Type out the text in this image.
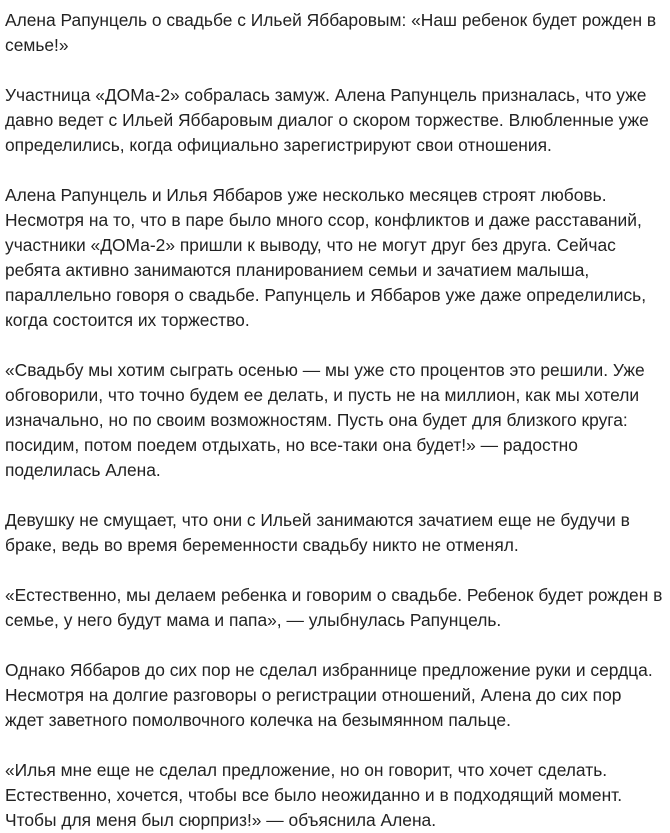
Алена Рапунцель о свадьбе с Ильей Яббаровым: «Наш ребенок будет рожден в семье!»

Участница «ДОМа-2» собралась замуж. Алена Рапунцель призналась, что уже давно ведет с Ильей Яббаровым диалог о скором торжестве. Влюбленные уже определились, когда официально зарегистрируют свои отношения.

Алена Рапунцель и Илья Яббаров уже несколько месяцев строят любовь. Несмотря на то, что в паре было много ссор, конфликтов и даже расставаний, участники «ДОМа-2» пришли к выводу, что не могут друг без друга. Сейчас ребята активно занимаются планированием семьи и зачатием малыша, параллельно говоря о свадьбе. Рапунцель и Яббаров уже даже определились, когда состоится их торжество.

«Свадьбу мы хотим сыграть осенью — мы уже сто процентов это решили. Уже обговорили, что точно будем ее делать, и пусть не на миллион, как мы хотели изначально, но по своим возможностям. Пусть она будет для близкого круга: посидим, потом поедем отдыхать, но все-таки она будет!» — радостно поделилась Алена.

Девушку не смущает, что они с Ильей занимаются зачатием еще не будучи в браке, ведь во время беременности свадьбу никто не отменял.

«Естественно, мы делаем ребенка и говорим о свадьбе. Ребенок будет рожден в семье, у него будут мама и папа», — улыбнулась Рапунцель.

Однако Яббаров до сих пор не сделал избраннице предложение руки и сердца. Несмотря на долгие разговоры о регистрации отношений, Алена до сих пор ждет заветного помолвочного колечка на безымянном пальце.

«Илья мне еще не сделал предложение, но он говорит, что хочет сделать. Естественно, хочется, чтобы все было неожиданно и в подходящий момент. Чтобы для меня был сюрприз!» — объяснила Алена.
